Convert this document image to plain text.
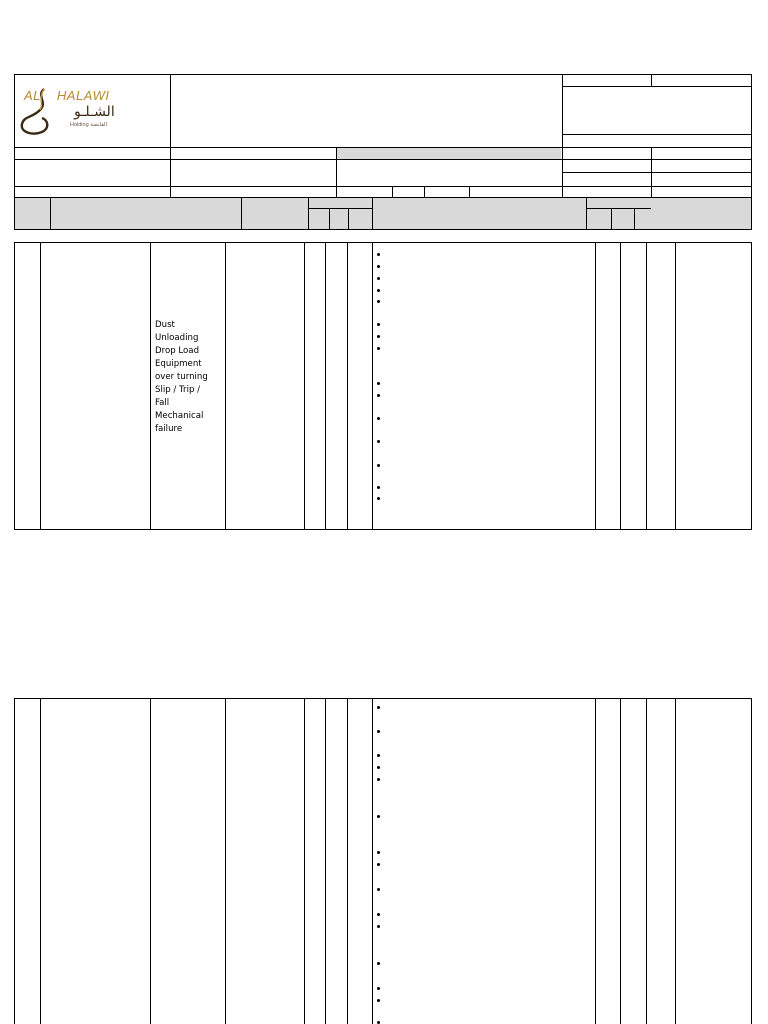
AL HALAWI
الشـلـو
Holding القابضة
Dust
Unloading
Drop Load
Equipment
over turning
Slip / Trip /
Fall
Mechanical
failure
